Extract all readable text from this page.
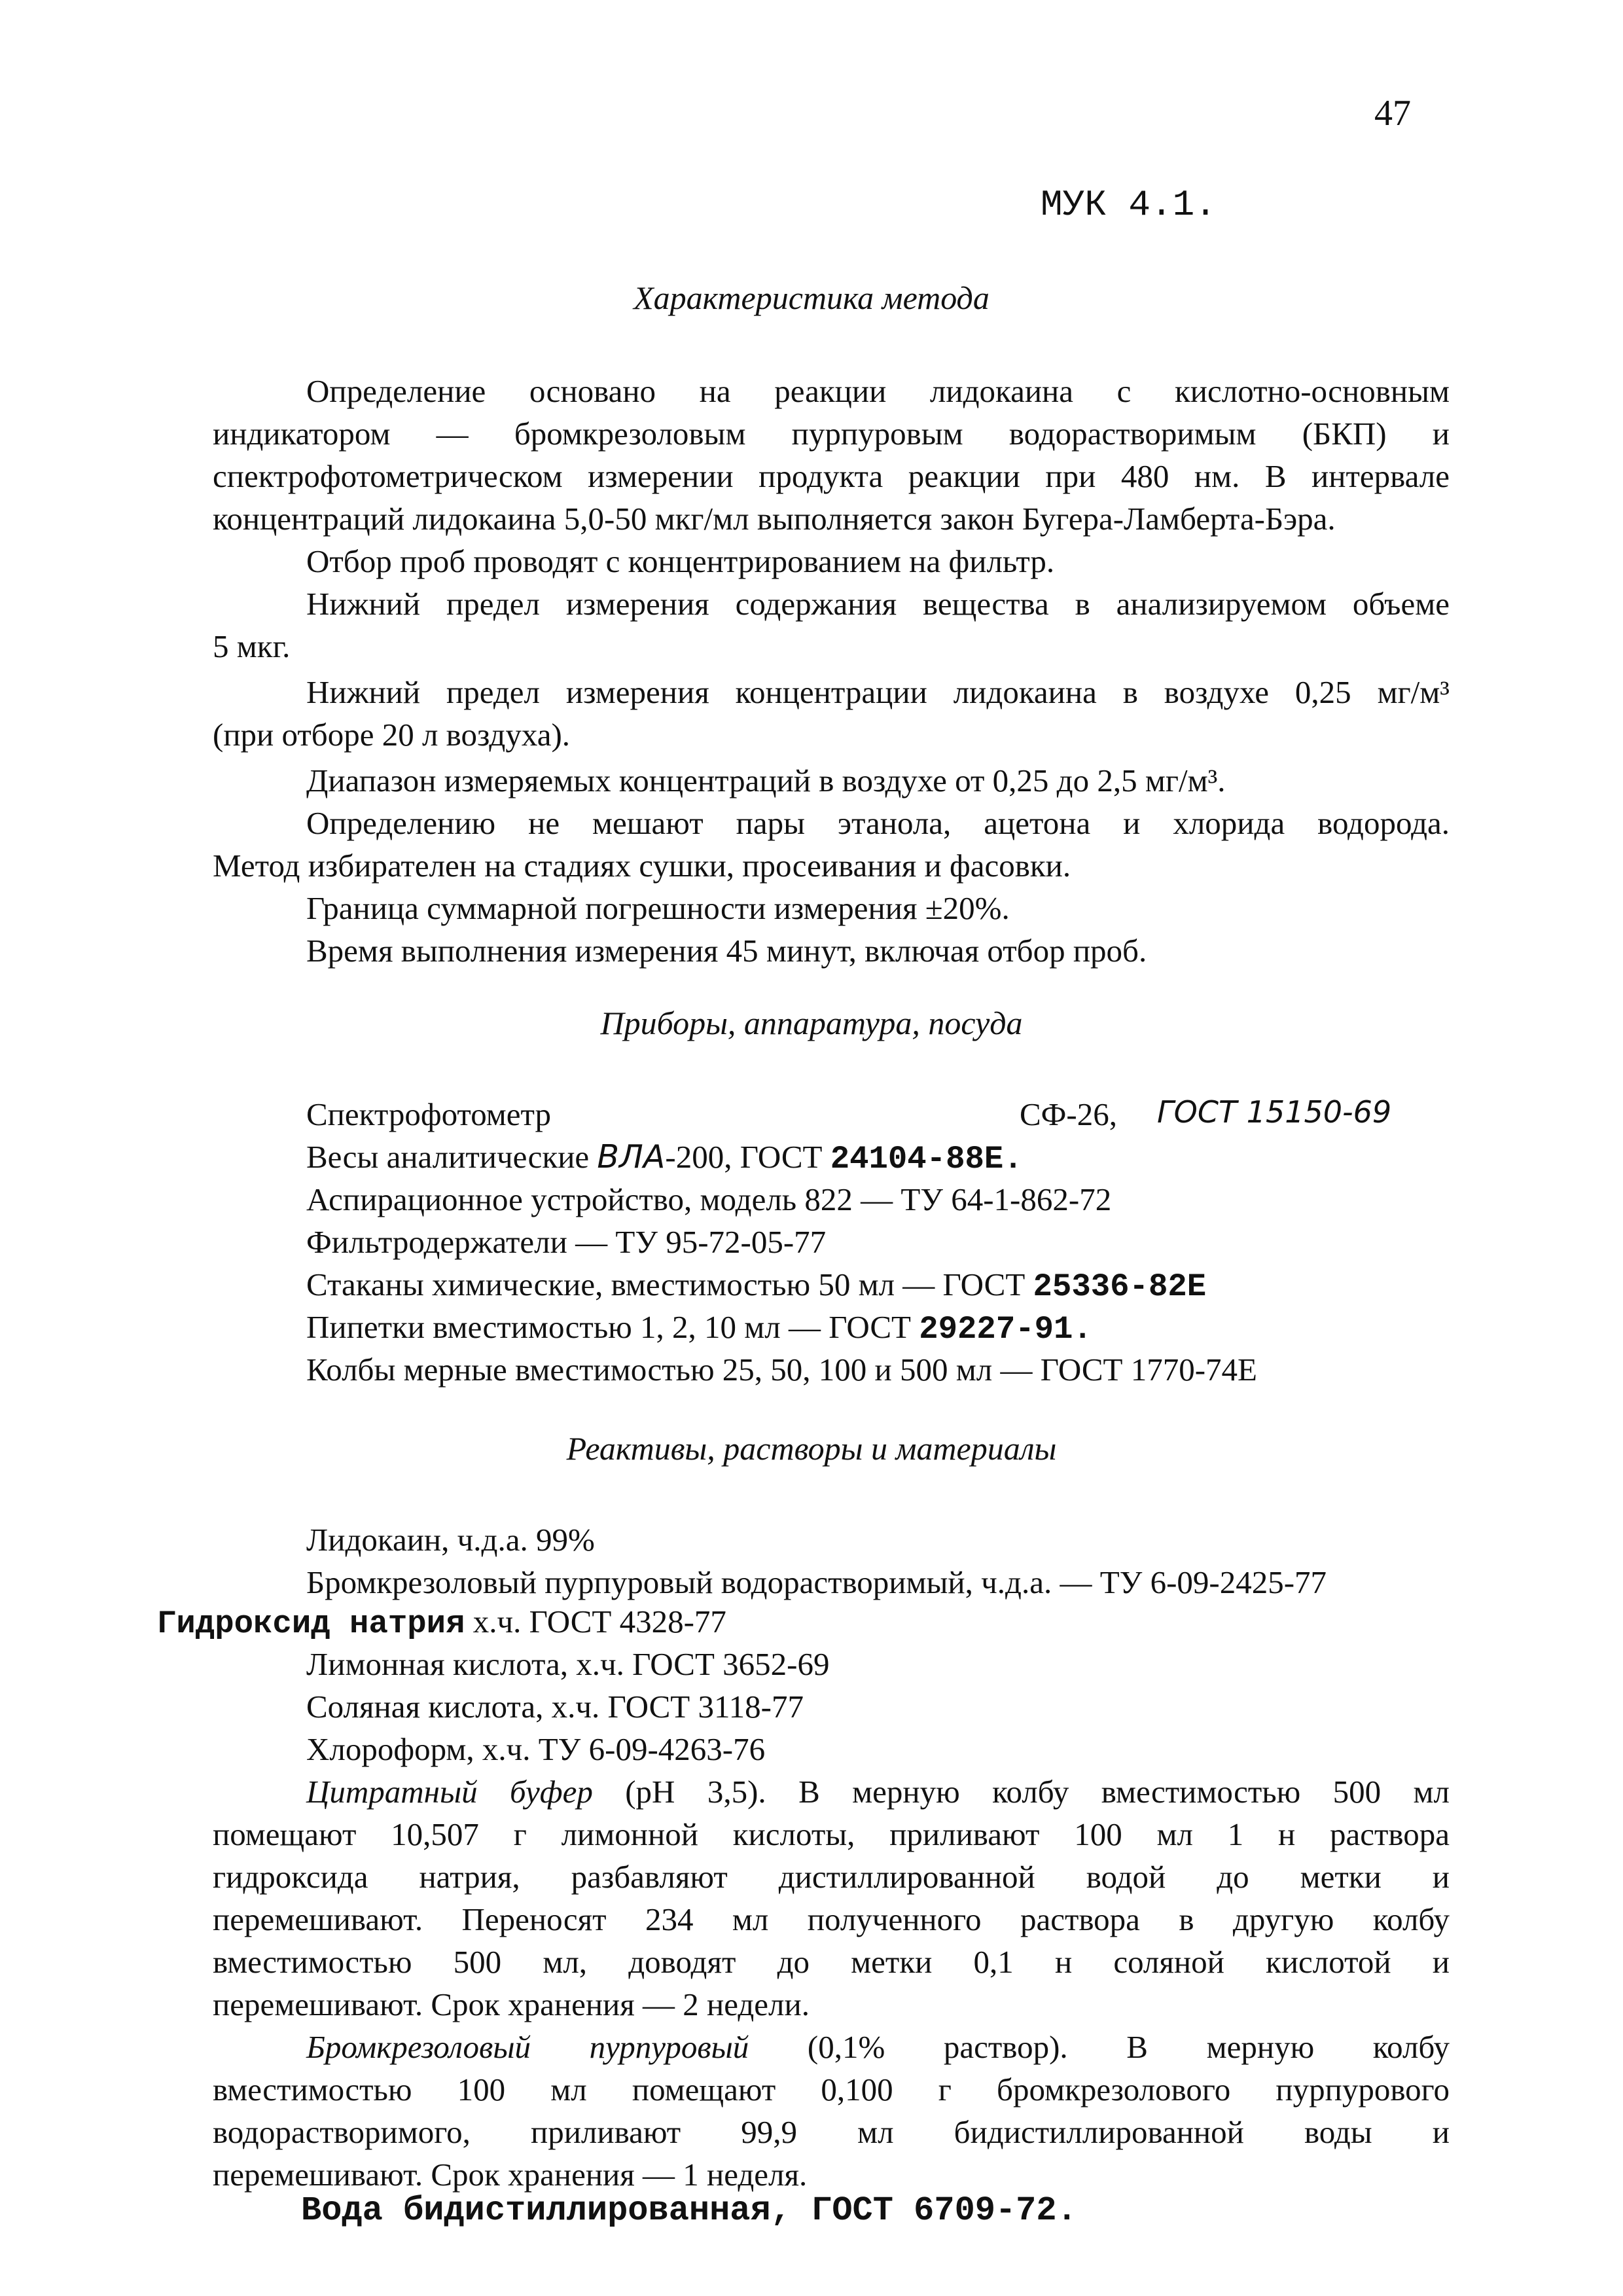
47
МУК 4.1.
Характеристика метода
Определение основано на реакции лидокаина с кислотно-основным
индикатором — бромкрезоловым пурпуровым водорастворимым (БКП) и
спектрофотометрическом измерении продукта реакции при 480 нм. В интервале
концентраций лидокаина 5,0-50 мкг/мл выполняется закон Бугера-Ламберта-Бэра.
Отбор проб проводят с концентрированием на фильтр.
Нижний предел измерения содержания вещества в анализируемом объеме
5 мкг.
Нижний предел измерения концентрации лидокаина в воздухе 0,25 мг/м³
(при отборе 20 л воздуха).
Диапазон измеряемых концентраций в воздухе от 0,25 до 2,5 мг/м³.
Определению не мешают пары этанола, ацетона и хлорида водорода.
Метод избирателен на стадиях сушки, просеивания и фасовки.
Граница суммарной погрешности измерения ±20%.
Время выполнения измерения 45 минут, включая отбор проб.
Приборы, аппаратура, посуда
Спектрофотометр	СФ-26, ГОСТ 15150-69
Весы аналитические ВЛА-200, ГОСТ 24104-88Е.
Аспирационное устройство, модель 822 — ТУ 64-1-862-72
Фильтродержатели — ТУ 95-72-05-77
Стаканы химические, вместимостью 50 мл — ГОСТ 25336-82Е
Пипетки вместимостью 1, 2, 10 мл — ГОСТ 29227-91.
Колбы мерные вместимостью 25, 50, 100 и 500 мл — ГОСТ 1770-74Е
Реактивы, растворы и материалы
Лидокаин, ч.д.а. 99%
Бромкрезоловый пурпуровый водорастворимый, ч.д.а. — ТУ 6-09-2425-77
Гидроксид натрия х.ч. ГОСТ 4328-77
Лимонная кислота, х.ч. ГОСТ 3652-69
Соляная кислота, х.ч. ГОСТ 3118-77
Хлороформ, х.ч. ТУ 6-09-4263-76
Цитратный буфер (pH 3,5). В мерную колбу вместимостью 500 мл
помещают 10,507 г лимонной кислоты, приливают 100 мл 1 н раствора
гидроксида натрия, разбавляют дистиллированной водой до метки и
перемешивают. Переносят 234 мл полученного раствора в другую колбу
вместимостью 500 мл, доводят до метки 0,1 н соляной кислотой и
перемешивают. Срок хранения — 2 недели.
Бромкрезоловый пурпуровый (0,1% раствор). В мерную колбу
вместимостью 100 мл помещают 0,100 г бромкрезолового пурпурового
водорастворимого, приливают 99,9 мл бидистиллированной воды и
перемешивают. Срок хранения — 1 неделя.
Вода бидистиллированная, ГОСТ 6709-72.
